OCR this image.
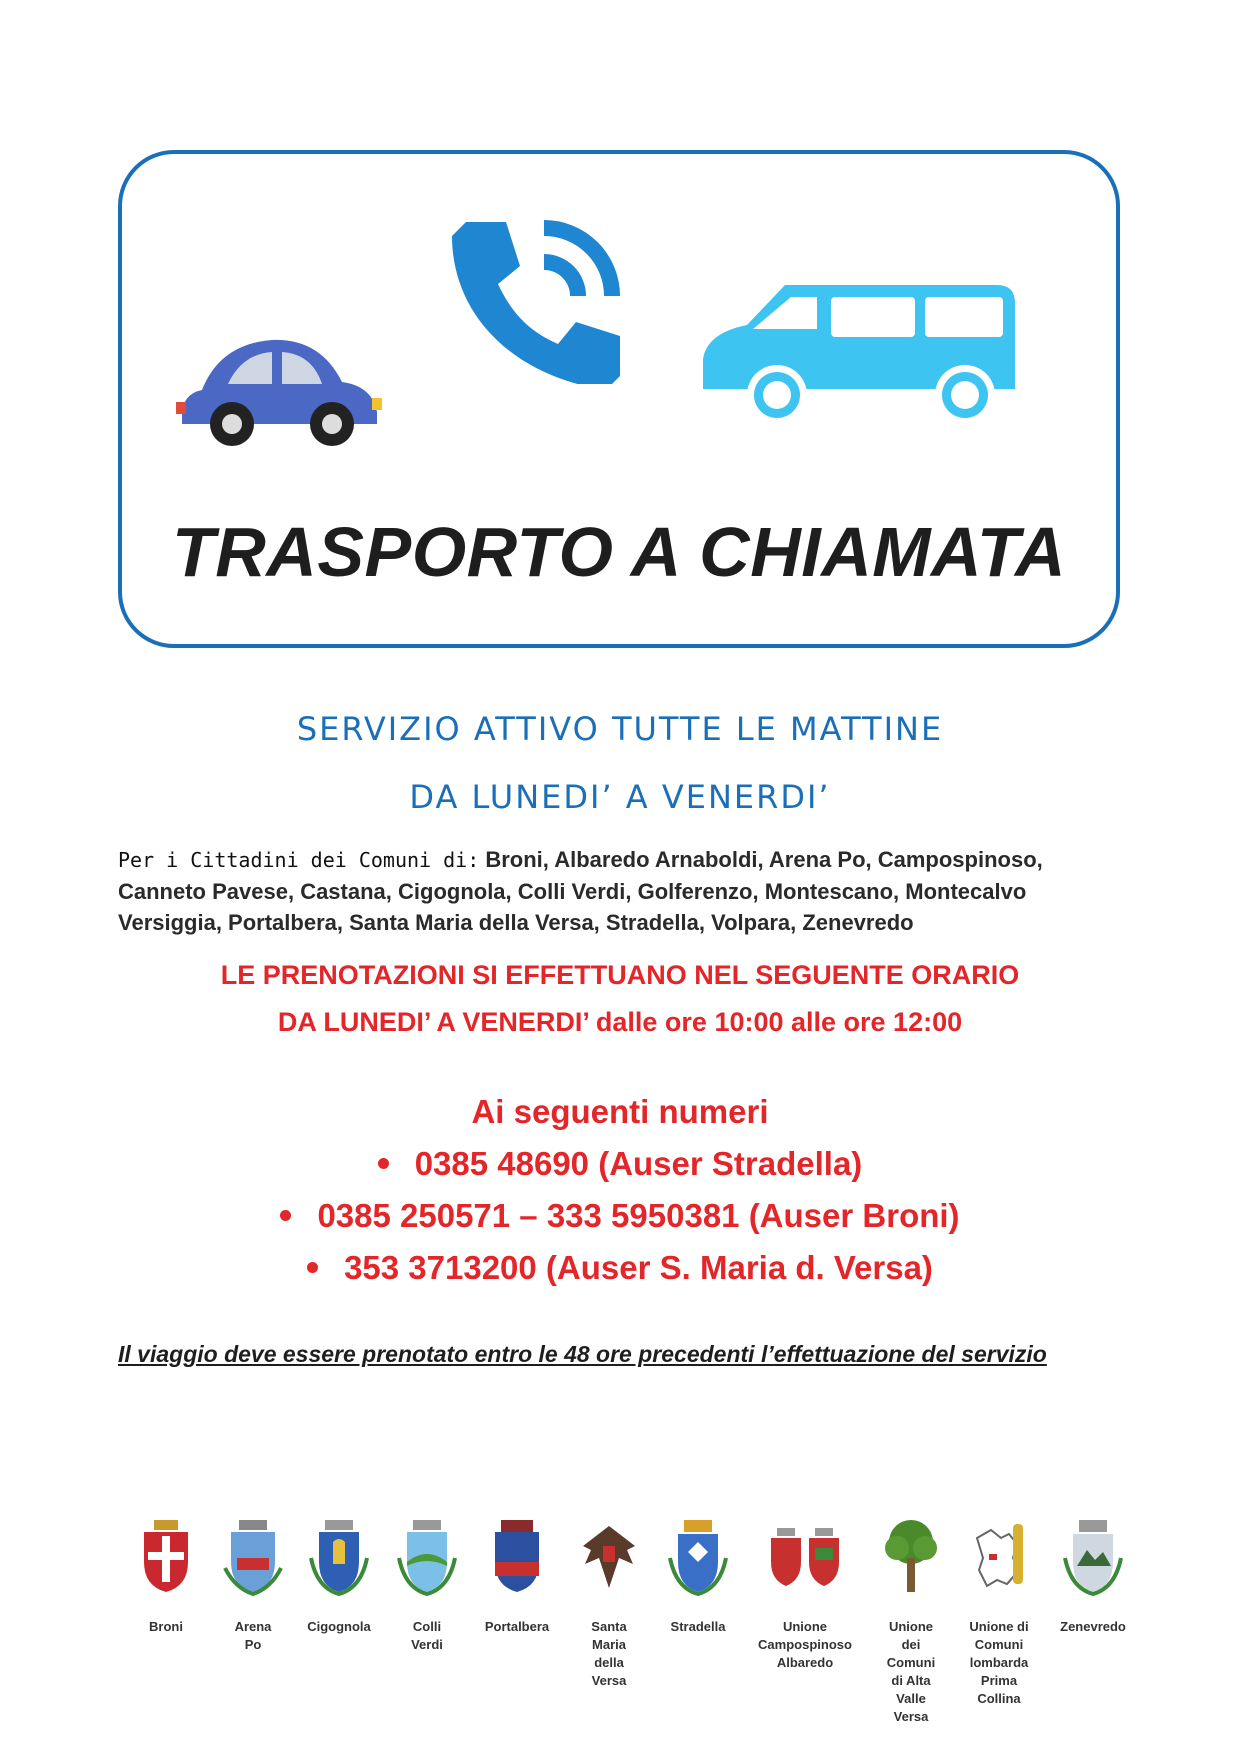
TRASPORTO A CHIAMATA
SERVIZIO ATTIVO TUTTE LE MATTINE
DA LUNEDI’ A VENERDI’
Per i Cittadini dei Comuni di: Broni, Albaredo Arnaboldi, Arena Po, Campospinoso, Canneto Pavese, Castana, Cigognola, Colli Verdi, Golferenzo, Montescano, Montecalvo Versiggia, Portalbera, Santa Maria della Versa, Stradella, Volpara, Zenevredo
LE PRENOTAZIONI SI EFFETTUANO NEL SEGUENTE ORARIO
DA LUNEDI’ A VENERDI’ dalle ore 10:00 alle ore 12:00
Ai seguenti numeri
0385 48690 (Auser Stradella)
0385 250571 – 333 5950381 (Auser Broni)
353 3713200 (Auser S. Maria d. Versa)
Il viaggio deve essere prenotato entro le 48 ore precedenti l’effettuazione del servizio
Broni	Arena
Po
Cigognola	Colli
Verdi
Portalbera	Santa
Maria
della
Versa
Stradella	Unione
Campospinoso
Albaredo
Unione
dei
Comuni
di Alta
Valle
Versa
Unione di
Comuni
lombarda
Prima
Collina
Zenevredo
